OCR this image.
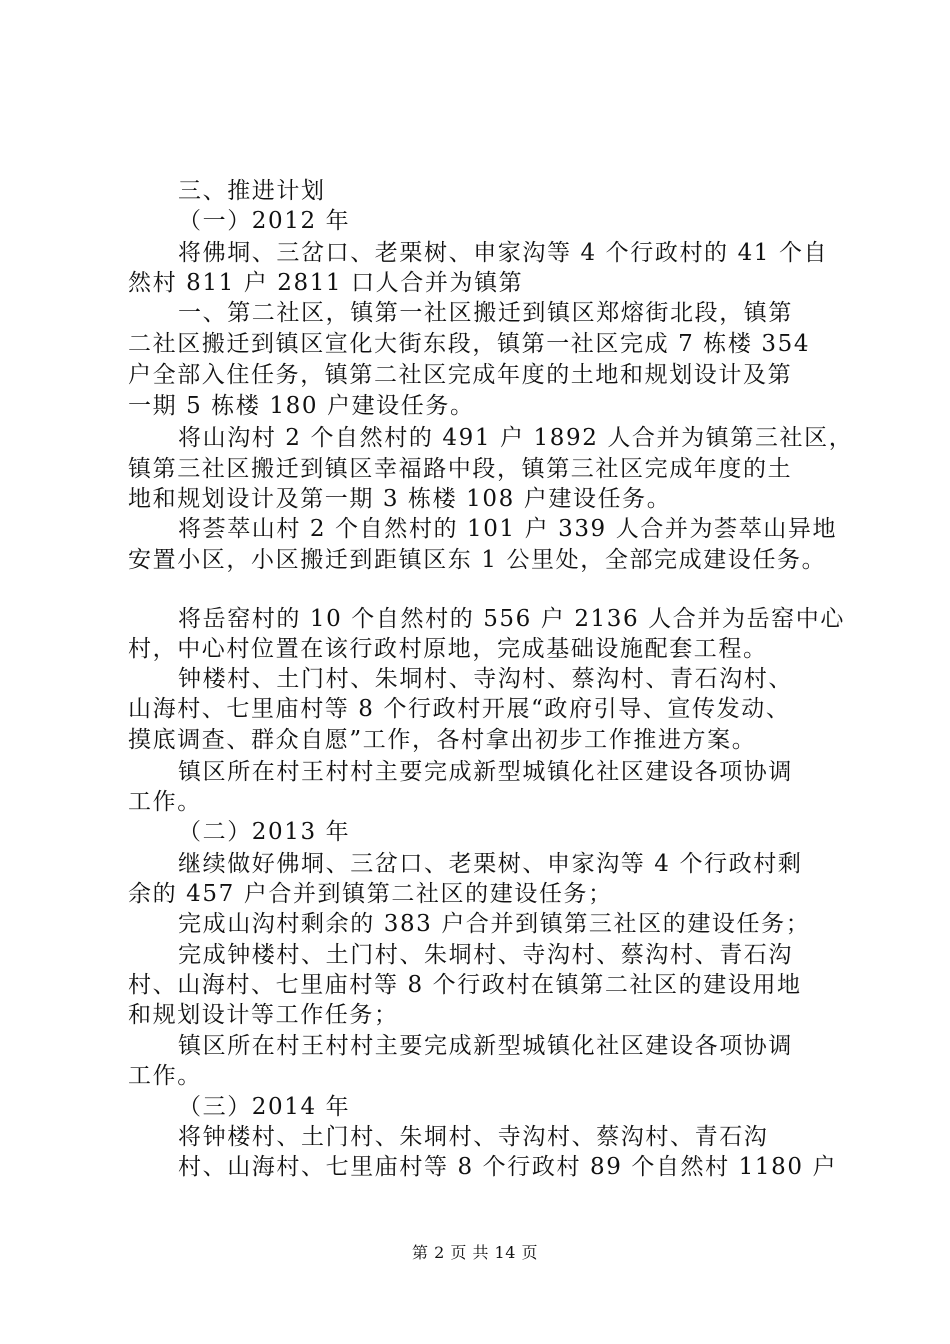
三、推进计划
（一）2012 年
将佛垌、三岔口、老栗树、申家沟等 4 个行政村的 41 个自
然村 811 户 2811 口人合并为镇第
一、第二社区，镇第一社区搬迁到镇区郑熔街北段，镇第
二社区搬迁到镇区宣化大街东段，镇第一社区完成 7 栋楼 354
户全部入住任务，镇第二社区完成年度的土地和规划设计及第
一期 5 栋楼 180 户建设任务。
将山沟村 2 个自然村的 491 户 1892 人合并为镇第三社区，
镇第三社区搬迁到镇区幸福路中段，镇第三社区完成年度的土
地和规划设计及第一期 3 栋楼 108 户建设任务。
将荟萃山村 2 个自然村的 101 户 339 人合并为荟萃山异地
安置小区，小区搬迁到距镇区东 1 公里处，全部完成建设任务。
将岳窑村的 10 个自然村的 556 户 2136 人合并为岳窑中心
村，中心村位置在该行政村原地，完成基础设施配套工程。
钟楼村、土门村、朱垌村、寺沟村、蔡沟村、青石沟村、
山海村、七里庙村等 8 个行政村开展“政府引导、宣传发动、
摸底调查、群众自愿”工作，各村拿出初步工作推进方案。
镇区所在村王村村主要完成新型城镇化社区建设各项协调
工作。
（二）2013 年
继续做好佛垌、三岔口、老栗树、申家沟等 4 个行政村剩
余的 457 户合并到镇第二社区的建设任务；
完成山沟村剩余的 383 户合并到镇第三社区的建设任务；
完成钟楼村、土门村、朱垌村、寺沟村、蔡沟村、青石沟
村、山海村、七里庙村等 8 个行政村在镇第二社区的建设用地
和规划设计等工作任务；
镇区所在村王村村主要完成新型城镇化社区建设各项协调
工作。
（三）2014 年
将钟楼村、土门村、朱垌村、寺沟村、蔡沟村、青石沟
村、山海村、七里庙村等 8 个行政村 89 个自然村 1180 户
第 2 页 共 14 页
